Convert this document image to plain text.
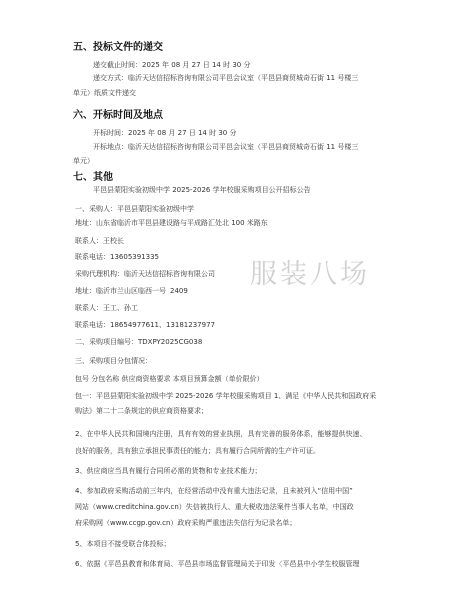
五、投标文件的递交
递交截止时间：2025 年 08 月 27 日 14 时 30 分
递交方式：临沂天达信招标咨询有限公司平邑会议室（平邑县商贸城奇石街 11 号楼三
单元）纸质文件递交
六、开标时间及地点
开标时间：2025 年 08 月 27 日 14 时 30 分
开标地点：临沂天达信招标咨询有限公司平邑会议室（平邑县商贸城奇石街 11 号楼三
单元）
七、其他
平邑县蒙阳实验初级中学 2025-2026 学年校服采购项目公开招标公告
一、采购人：平邑县蒙阳实验初级中学
地址：山东省临沂市平邑县建设路与平成路汇处北 100 米路东
联系人：王校长
联系电话：13605391335
采购代理机构：临沂天达信招标咨询有限公司
地址：临沂市兰山区临西一号 2409
联系人：王工、孙工
联系电话：18654977611、13181237977
二、采购项目编号：TDXPY2025CG038
三、采购项目分包情况：
包号 分包名称 供应商资格要求 本项目预算金额（单价限价）
包一：平邑县蒙阳实验初级中学 2025-2026 学年校服采购项目 1、满足《中华人民共和国政府采
购法》第二十二条规定的供应商资格要求；
2、在中华人民共和国境内注册，具有有效的营业执照，具有完善的服务体系，能够提供快速、
良好的服务，具有独立承担民事责任的能力；具有履行合同所需的生产许可证。
3、供应商应当具有履行合同所必需的货物和专业技术能力；
4、参加政府采购活动前三年内，在经营活动中没有重大违法记录，且未被列入“信用中国”
网站（www.creditchina.gov.cn）失信被执行人、重大税收违法案件当事人名单，中国政
府采购网（www.ccgp.gov.cn）政府采购严重违法失信行为记录名单；
5、本项目不接受联合体投标；
6、依据《平邑县教育和体育局、平邑县市场监督管理局关于印发〈平邑县中小学生校服管理
服装八场
